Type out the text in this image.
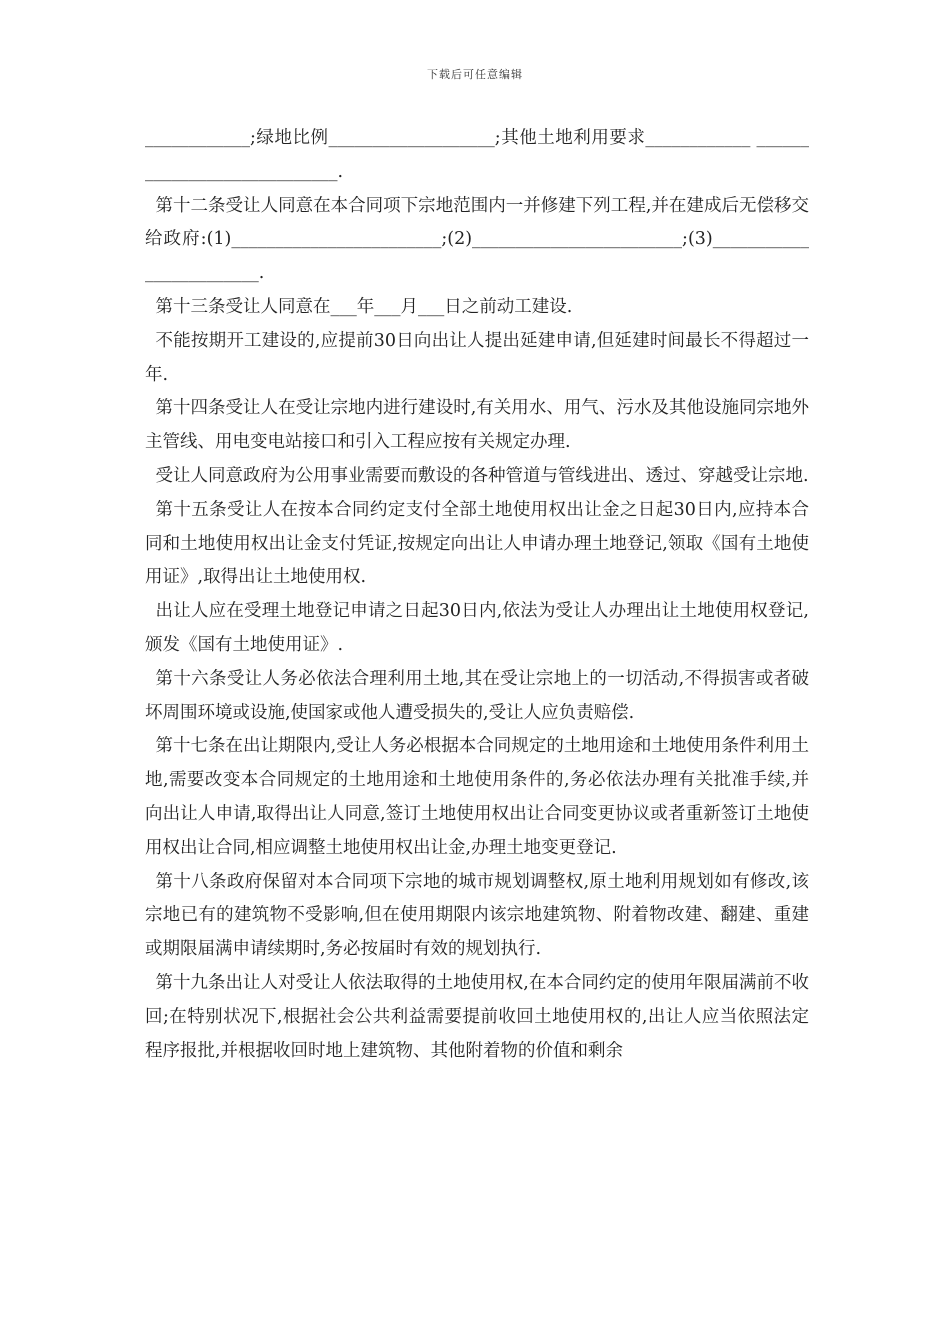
下载后可任意编辑

____________;绿地比例___________________;其他土地利用要求____________ ____________________________.

第十二条受让人同意在本合同项下宗地范围内一并修建下列工程,并在建成后无偿移交给政府:(1)________________________;(2)________________________;(3)________________________.

第十三条受让人同意在___年___月___日之前动工建设.

不能按期开工建设的,应提前30日向出让人提出延建申请,但延建时间最长不得超过一年.

第十四条受让人在受让宗地内进行建设时,有关用水、用气、污水及其他设施同宗地外主管线、用电变电站接口和引入工程应按有关规定办理.

受让人同意政府为公用事业需要而敷设的各种管道与管线进出、透过、穿越受让宗地.

第十五条受让人在按本合同约定支付全部土地使用权出让金之日起30日内,应持本合同和土地使用权出让金支付凭证,按规定向出让人申请办理土地登记,领取《国有土地使用证》,取得出让土地使用权.

出让人应在受理土地登记申请之日起30日内,依法为受让人办理出让土地使用权登记,颁发《国有土地使用证》.

第十六条受让人务必依法合理利用土地,其在受让宗地上的一切活动,不得损害或者破坏周围环境或设施,使国家或他人遭受损失的,受让人应负责赔偿.

第十七条在出让期限内,受让人务必根据本合同规定的土地用途和土地使用条件利用土地,需要改变本合同规定的土地用途和土地使用条件的,务必依法办理有关批准手续,并向出让人申请,取得出让人同意,签订土地使用权出让合同变更协议或者重新签订土地使用权出让合同,相应调整土地使用权出让金,办理土地变更登记.

第十八条政府保留对本合同项下宗地的城市规划调整权,原土地利用规划如有修改,该宗地已有的建筑物不受影响,但在使用期限内该宗地建筑物、附着物改建、翻建、重建或期限届满申请续期时,务必按届时有效的规划执行.

第十九条出让人对受让人依法取得的土地使用权,在本合同约定的使用年限届满前不收回;在特别状况下,根据社会公共利益需要提前收回土地使用权的,出让人应当依照法定程序报批,并根据收回时地上建筑物、其他附着物的价值和剩余
